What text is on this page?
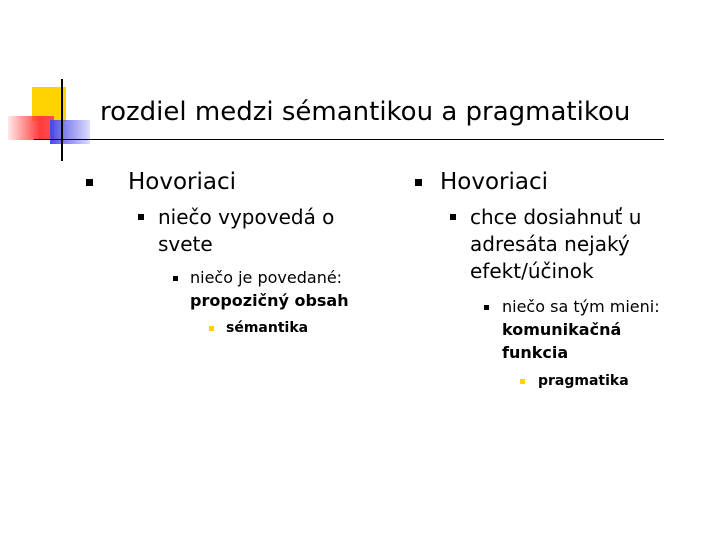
rozdiel medzi sémantikou a pragmatikou
Hovoriaci
niečo vypovedá o svete
niečo je povedané: propozičný obsah
sémantika
Hovoriaci
chce dosiahnuť u adresáta nejaký efekt/účinok
niečo sa tým mieni: komunikačná funkcia
pragmatika
